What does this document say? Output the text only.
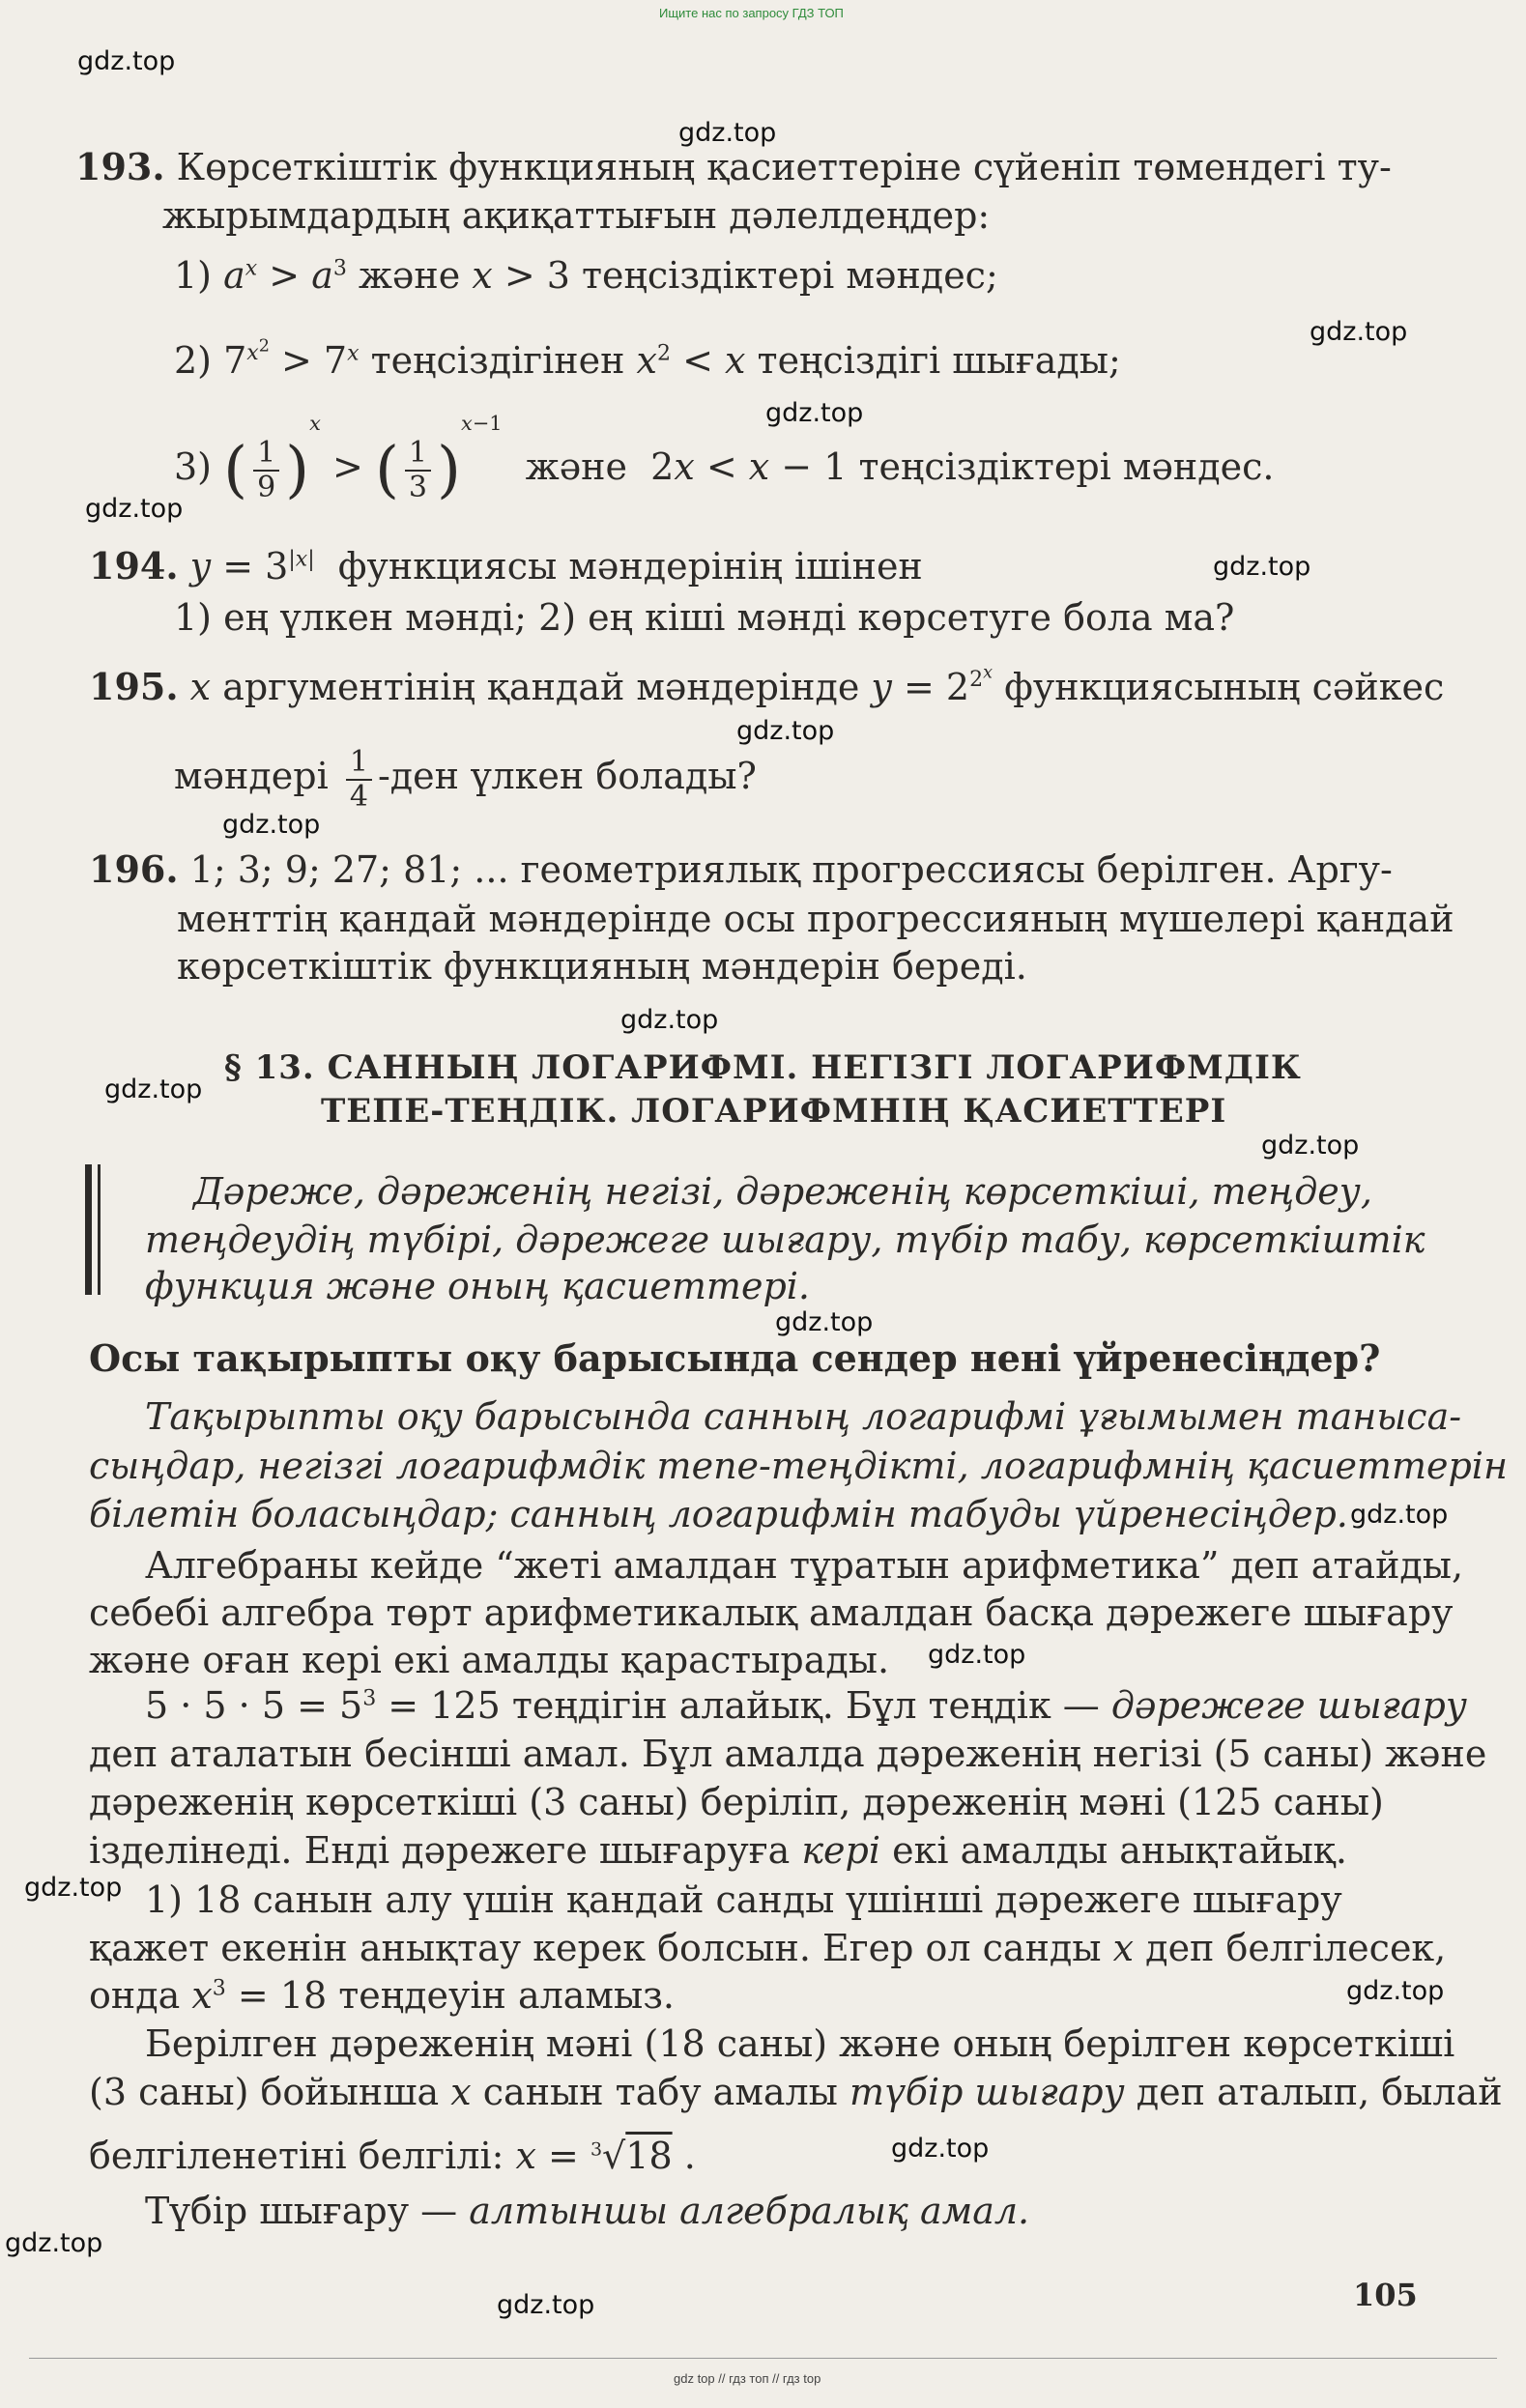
Ищите нас по запросу ГДЗ ТОП
gdz.top
gdz.top
gdz.top
gdz.top
gdz.top
gdz.top
gdz.top
gdz.top
gdz.top
gdz.top
gdz.top
gdz.top
gdz.top
gdz.top
gdz.top
gdz.top
gdz.top
gdz.top
gdz.top
193. Көрсеткіштік функцияның қасиеттеріне сүйеніп төмендегі ту-
жырымдардың ақиқаттығын дәлелдеңдер:
1) $a^x > a^3$ және x > 3 теңсіздіктері мәндес;
2) $7^{x^2} > 7^x$ теңсіздігінен $x^2 < x$ теңсіздігі шығады;
3) ( $\frac{1}{9} )^x$ > ( $\frac{1}{3} )^{x-1}$  және  2x < x − 1 теңсіздіктері мәндес.
194. $y = 3^{|x|}$ функциясы мәндерінің ішінен
1) ең үлкен мәнді; 2) ең кіші мәнді көрсетуге бола ма?
195. x аргументінің қандай мәндерінде $y = 2^{2^x}$ функциясының сәйкес
мәндері $\frac{1}{4} -ден$ үлкен болады?
196. 1; 3; 9; 27; 81; ... геометриялық прогрессиясы берілген. Аргу-
менттің қандай мәндерінде осы прогрессияның мүшелері қандай
көрсеткіштік функцияның мәндерін береді.
§ 13. САННЫҢ ЛОГАРИФМІ. НЕГІЗГІ ЛОГАРИФМДІК
ТЕПЕ-ТЕҢДІК. ЛОГАРИФМНІҢ ҚАСИЕТТЕРІ
Дәреже, дәреженің негізі, дәреженің көрсеткіші, теңдеу,
теңдеудің түбірі, дәрежеге шығару, түбір табу, көрсеткіштік
функция және оның қасиеттері.
Осы тақырыпты оқу барысында сендер нені үйренесіңдер?
Тақырыпты оқу барысында санның логарифмі ұғымымен таныса-
сыңдар, негізгі логарифмдік тепе-теңдікті, логарифмнің қасиеттерін
білетін боласыңдар; санның логарифмін табуды үйренесіңдер.
Алгебраны кейде “жеті амалдан тұратын арифметика” деп атайды,
себебі алгебра төрт арифметикалық амалдан басқа дәрежеге шығару
және оған кері екі амалды қарастырады.
$5 \cdot 5 \cdot 5 = 5^3 = 125$ теңдігін алайық. Бұл теңдік — дәрежеге шығару
деп аталатын бесінші амал. Бұл амалда дәреженің негізі (5 саны) және
дәреженің көрсеткіші (3 саны) беріліп, дәреженің мәні (125 саны)
ізделінеді. Енді дәрежеге шығаруға кері екі амалды анықтайық.
1) 18 санын алу үшін қандай санды үшінші дәрежеге шығару
қажет екенін анықтау керек болсын. Егер ол санды x деп белгілесек,
онда $x^3 = 18$ теңдеуін аламыз.
Берілген дәреженің мәні (18 саны) және оның берілген көрсеткіші
(3 саны) бойынша x санын табу амалы түбір шығару деп аталып, былай
белгіленетіні белгілі: x = $^3$√18 .
Түбір шығару — алтыншы алгебралық амал.
105
gdz top // гдз топ // гдз top
